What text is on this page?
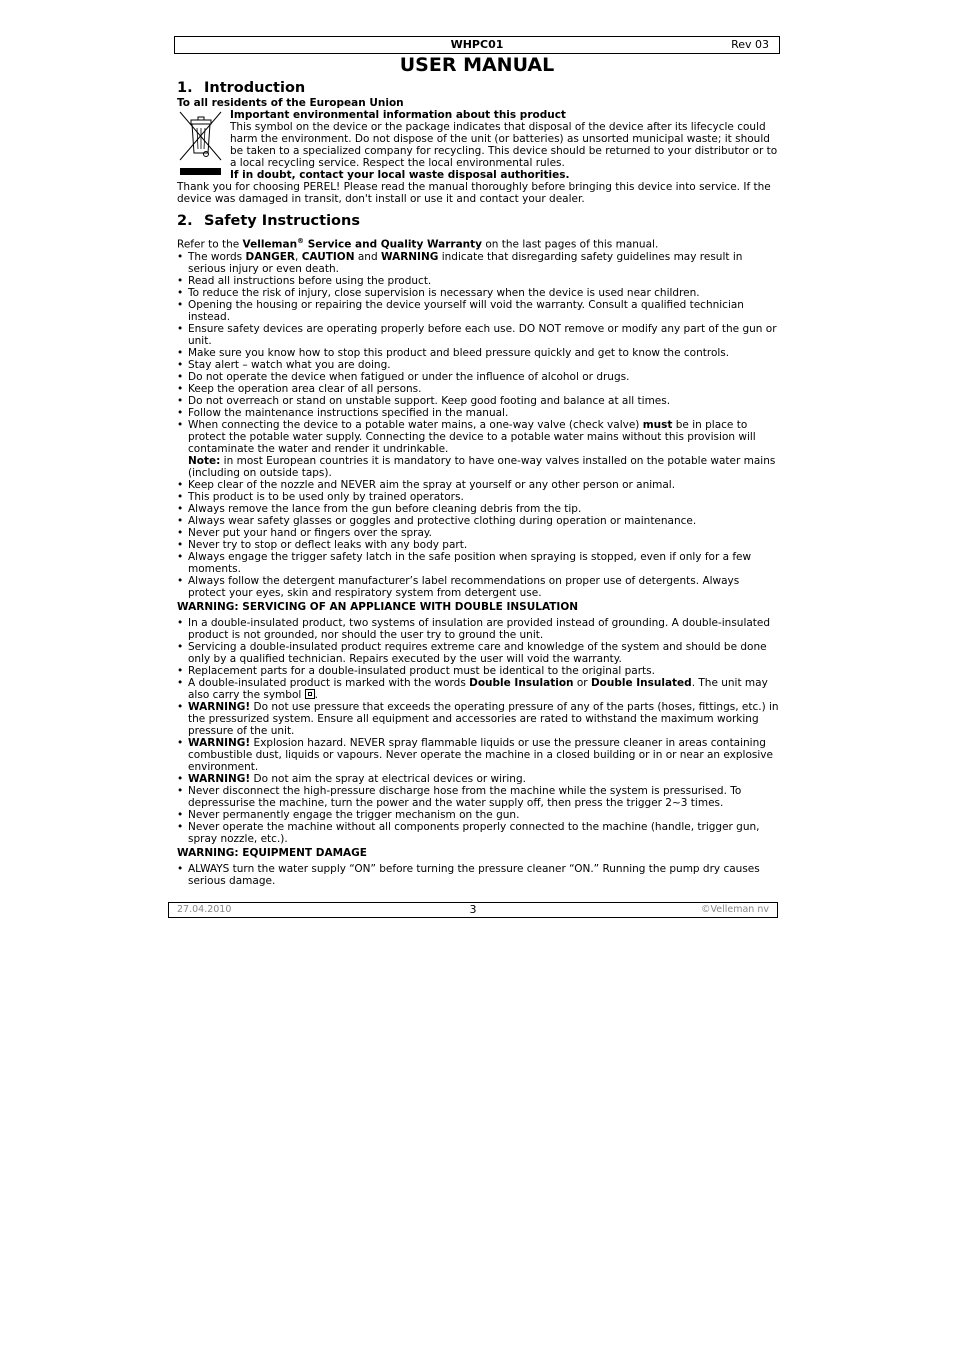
WHPC01	Rev 03
USER MANUAL
1. Introduction

To all residents of the European Union

Important environmental information about this product

This symbol on the device or the package indicates that disposal of the device after its lifecycle could harm the environment. Do not dispose of the unit (or batteries) as unsorted municipal waste; it should be taken to a specialized company for recycling. This device should be returned to your distributor or to a local recycling service. Respect the local environmental rules.

If in doubt, contact your local waste disposal authorities.

Thank you for choosing PEREL! Please read the manual thoroughly before bringing this device into service. If the device was damaged in transit, don't install or use it and contact your dealer.

2. Safety Instructions

Refer to the Velleman® Service and Quality Warranty on the last pages of this manual.

• The words DANGER, CAUTION and WARNING indicate that disregarding safety guidelines may result in serious injury or even death.
• Read all instructions before using the product.
• To reduce the risk of injury, close supervision is necessary when the device is used near children.
• Opening the housing or repairing the device yourself will void the warranty. Consult a qualified technician instead.
• Ensure safety devices are operating properly before each use. DO NOT remove or modify any part of the gun or unit.
• Make sure you know how to stop this product and bleed pressure quickly and get to know the controls.
• Stay alert – watch what you are doing.
• Do not operate the device when fatigued or under the influence of alcohol or drugs.
• Keep the operation area clear of all persons.
• Do not overreach or stand on unstable support. Keep good footing and balance at all times.
• Follow the maintenance instructions specified in the manual.
• When connecting the device to a potable water mains, a one-way valve (check valve) must be in place to protect the potable water supply. Connecting the device to a potable water mains without this provision will contaminate the water and render it undrinkable.
Note: in most European countries it is mandatory to have one-way valves installed on the potable water mains (including on outside taps).
• Keep clear of the nozzle and NEVER aim the spray at yourself or any other person or animal.
• This product is to be used only by trained operators.
• Always remove the lance from the gun before cleaning debris from the tip.
• Always wear safety glasses or goggles and protective clothing during operation or maintenance.
• Never put your hand or fingers over the spray.
• Never try to stop or deflect leaks with any body part.
• Always engage the trigger safety latch in the safe position when spraying is stopped, even if only for a few moments.
• Always follow the detergent manufacturer’s label recommendations on proper use of detergents. Always protect your eyes, skin and respiratory system from detergent use.

WARNING: SERVICING OF AN APPLIANCE WITH DOUBLE INSULATION

• In a double-insulated product, two systems of insulation are provided instead of grounding. A double-insulated product is not grounded, nor should the user try to ground the unit.
• Servicing a double-insulated product requires extreme care and knowledge of the system and should be done only by a qualified technician. Repairs executed by the user will void the warranty.
• Replacement parts for a double-insulated product must be identical to the original parts.
• A double-insulated product is marked with the words Double Insulation or Double Insulated. The unit may also carry the symbol .
• WARNING! Do not use pressure that exceeds the operating pressure of any of the parts (hoses, fittings, etc.) in the pressurized system. Ensure all equipment and accessories are rated to withstand the maximum working pressure of the unit.
• WARNING! Explosion hazard. NEVER spray flammable liquids or use the pressure cleaner in areas containing combustible dust, liquids or vapours. Never operate the machine in a closed building or in or near an explosive environment.
• WARNING! Do not aim the spray at electrical devices or wiring.
• Never disconnect the high-pressure discharge hose from the machine while the system is pressurised. To depressurise the machine, turn the power and the water supply off, then press the trigger 2~3 times.
• Never permanently engage the trigger mechanism on the gun.
• Never operate the machine without all components properly connected to the machine (handle, trigger gun, spray nozzle, etc.).

WARNING: EQUIPMENT DAMAGE

• ALWAYS turn the water supply “ON” before turning the pressure cleaner “ON.” Running the pump dry causes serious damage.
27.04.2010	3	©Velleman nv
